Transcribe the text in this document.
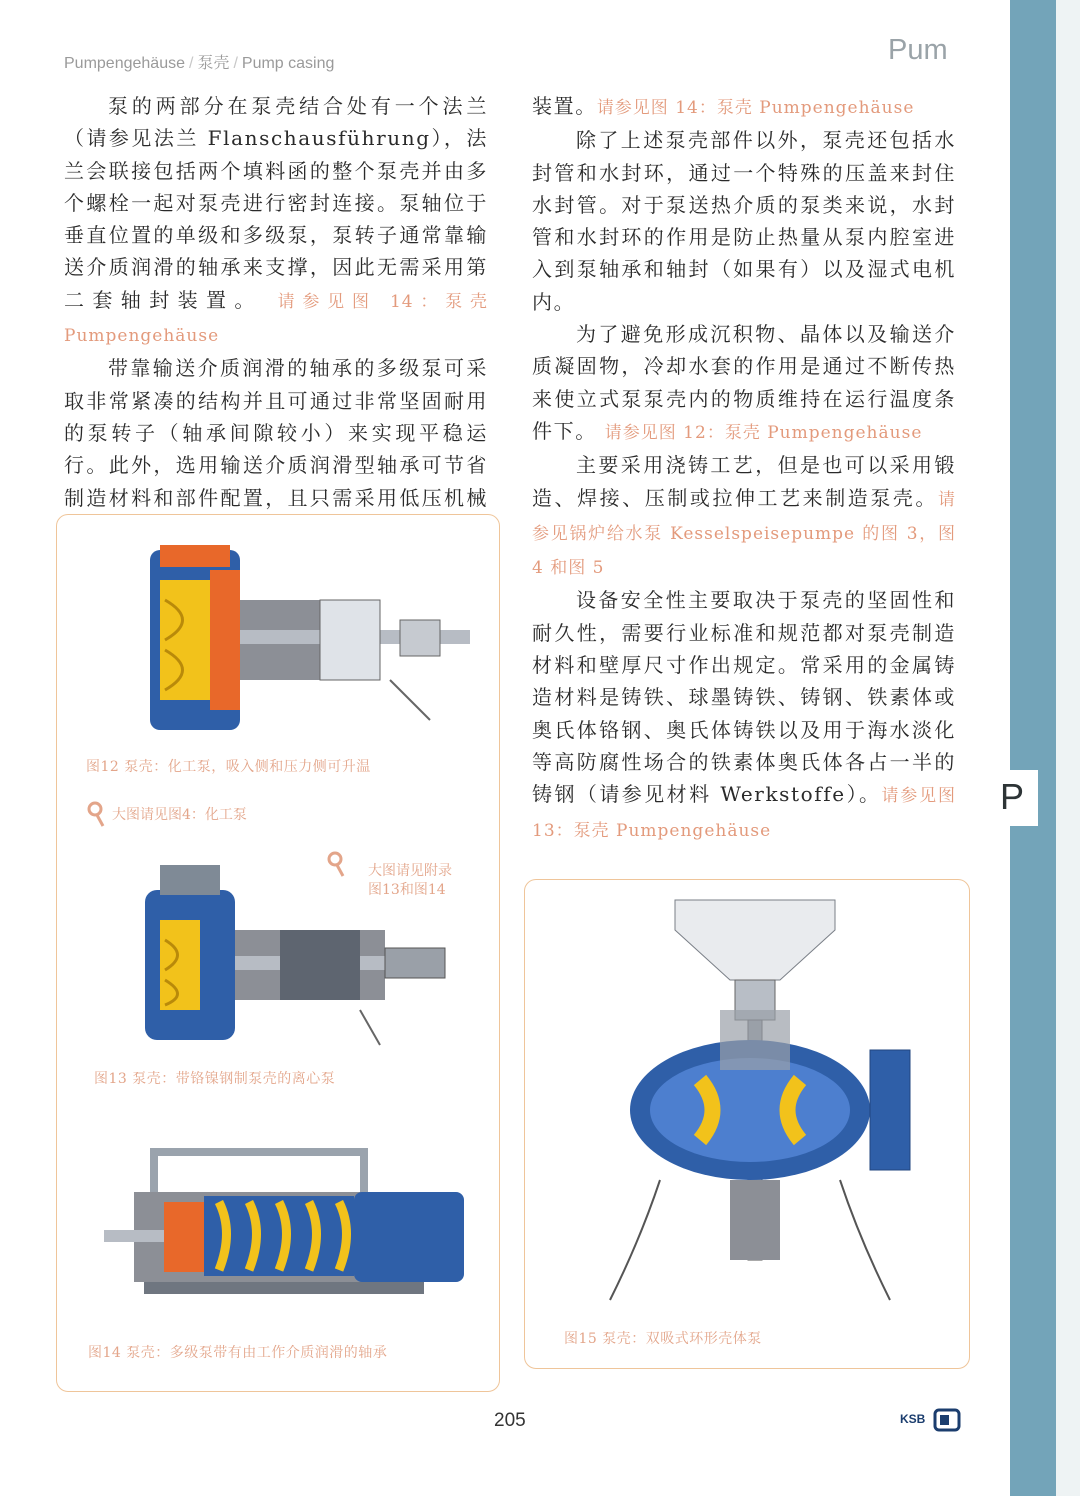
Pumpengehäuse / 泵壳 / Pump casing	Pum
P

泵的两部分在泵壳结合处有一个法兰（请参见法兰 Flanschausführung），法兰会联接包括两个填料函的整个泵壳并由多个螺栓一起对泵壳进行密封连接。泵轴位于垂直位置的单级和多级泵，泵转子通常靠输送介质润滑的轴承来支撑，因此无需采用第二套轴封装置。 请参见图 14：泵壳 Pumpengehäuse

带靠输送介质润滑的轴承的多级泵可采取非常紧凑的结构并且可通过非常坚固耐用的泵转子（轴承间隙较小）来实现平稳运行。此外，选用输送介质润滑型轴承可节省制造材料和部件配置，且只需采用低压机械

装置。请参见图 14：泵壳 Pumpengehäuse

除了上述泵壳部件以外，泵壳还包括水封管和水封环，通过一个特殊的压盖来封住水封管。对于泵送热介质的泵类来说，水封管和水封环的作用是防止热量从泵内腔室进入到泵轴承和轴封（如果有）以及湿式电机内。

为了避免形成沉积物、晶体以及输送介质凝固物，冷却水套的作用是通过不断传热来使立式泵泵壳内的物质维持在运行温度条件下。 请参见图 12：泵壳 Pumpengehäuse

主要采用浇铸工艺，但是也可以采用锻造、焊接、压制或拉伸工艺来制造泵壳。请参见锅炉给水泵 Kesselspeisepumpe 的图 3，图 4 和图 5

设备安全性主要取决于泵壳的坚固性和耐久性，需要行业标准和规范都对泵壳制造材料和壁厚尺寸作出规定。常采用的金属铸造材料是铸铁、球墨铸铁、铸钢、铁素体或奥氏体铬钢、奥氏体铸铁以及用于海水淡化等高防腐性场合的铁素体奥氏体各占一半的铸钢（请参见材料 Werkstoffe）。请参见图 13：泵壳 Pumpengehäuse

图12 泵壳：化工泵，吸入侧和压力侧可升温
大图请见图4：化工泵
大图请见附录
图13和图14
图13 泵壳：带铬镍钢制泵壳的离心泵
图14 泵壳：多级泵带有由工作介质润滑的轴承
图15 泵壳：双吸式环形壳体泵
205	KSB
